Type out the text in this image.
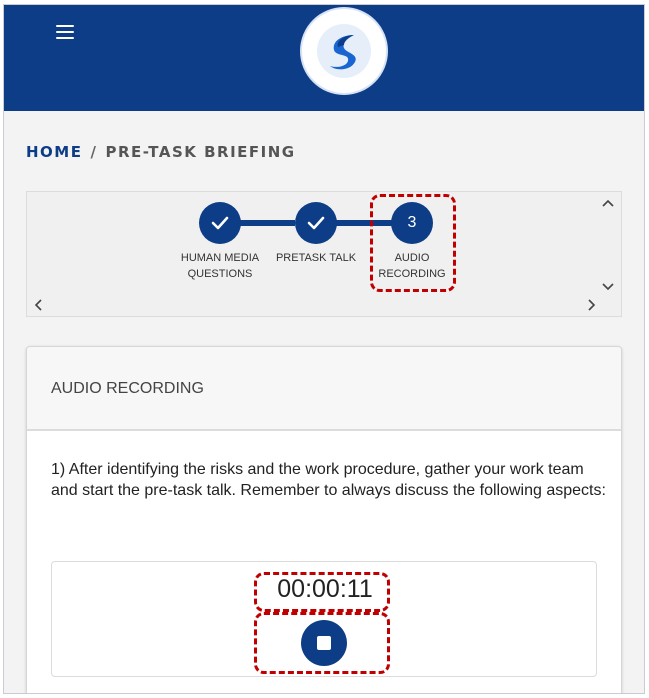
HOME / PRE-TASK BRIEFING
HUMAN MEDIA
QUESTIONS
PRETASK TALK
3
AUDIO
RECORDING
AUDIO RECORDING
1) After identifying the risks and the work procedure, gather your work team and start the pre-task talk. Remember to always discuss the following aspects:
00:00:11
